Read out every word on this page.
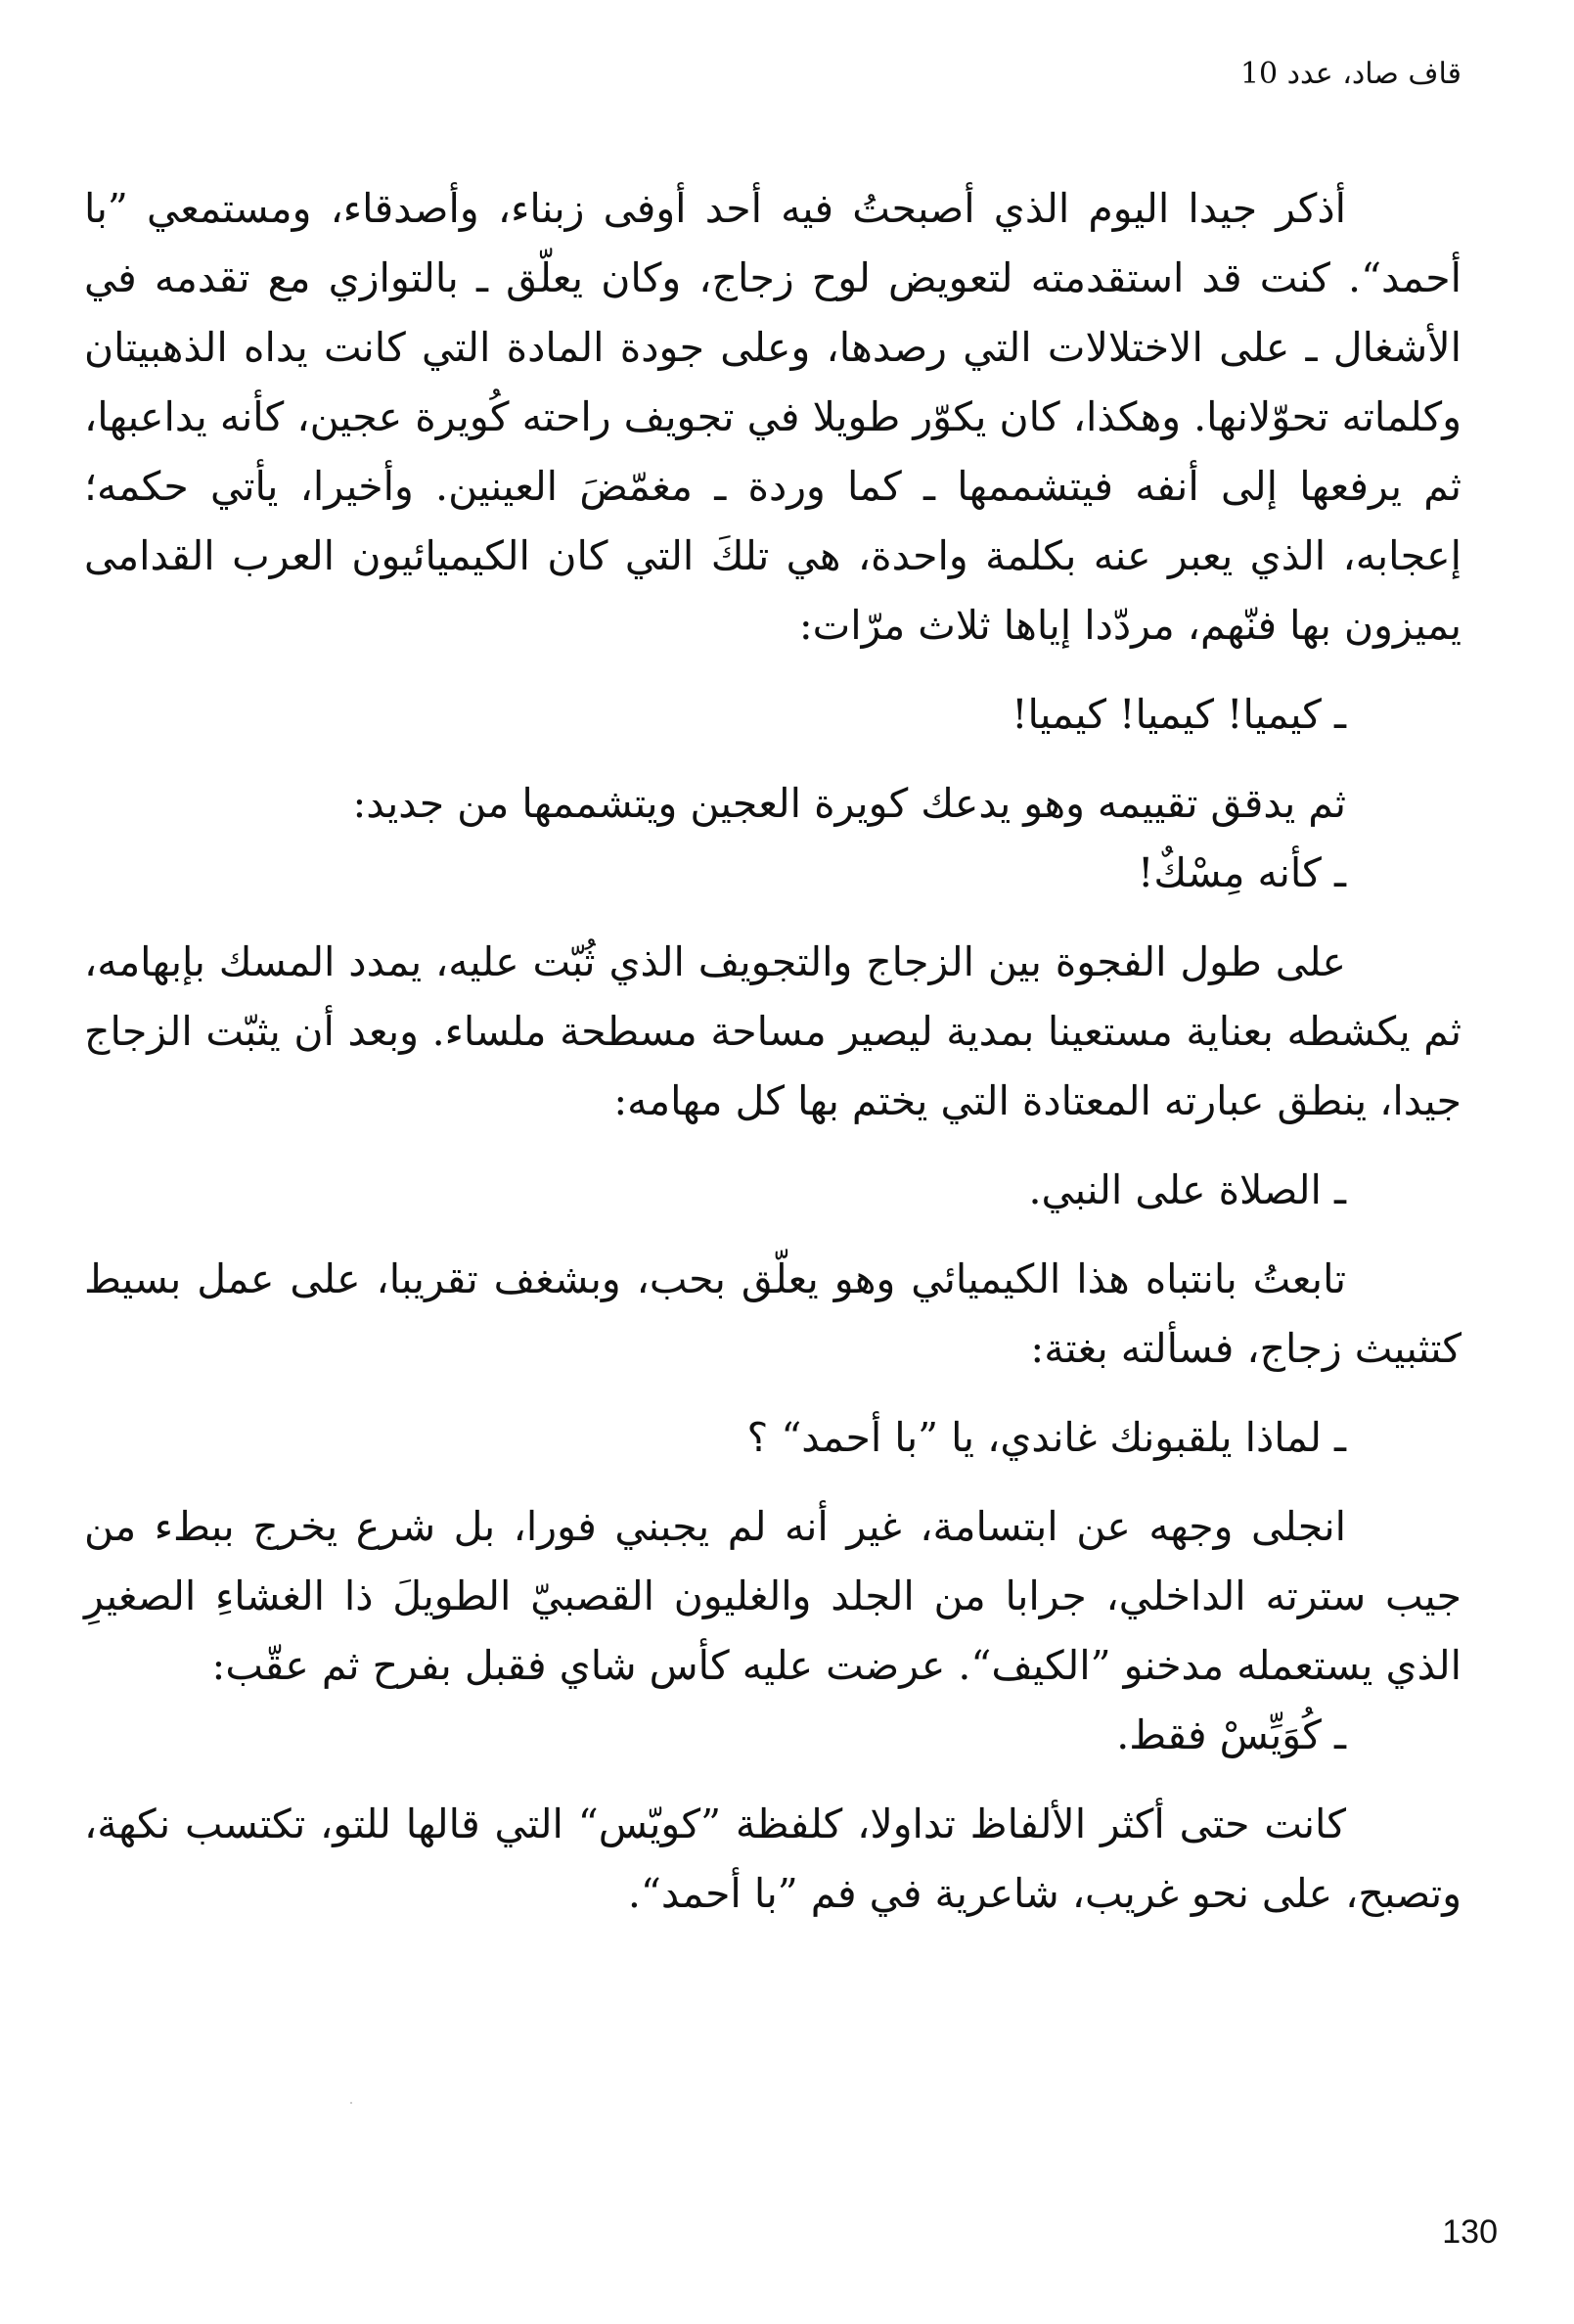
قاف صاد، عدد 10

أذكر جيدا اليوم الذي أصبحتُ فيه أحد أوفى زبناء، وأصدقاء، ومستمعي ”با أحمد“. كنت قد استقدمته لتعويض لوح زجاج، وكان يعلّق ـ بالتوازي مع تقدمه في الأشغال ـ على الاختلالات التي رصدها، وعلى جودة المادة التي كانت يداه الذهبيتان وكلماته تحوّلانها. وهكذا، كان يكوّر طويلا في تجويف راحته كُويرة عجين، كأنه يداعبها، ثم يرفعها إلى أنفه فيتشممها ـ كما وردة ـ مغمّضَ العينين. وأخيرا، يأتي حكمه؛ إعجابه، الذي يعبر عنه بكلمة واحدة، هي تلكَ التي كان الكيميائيون العرب القدامى يميزون بها فنّهم، مردّدا إياها ثلاث مرّات:

ـ كيميا! كيميا! كيميا!

ثم يدقق تقييمه وهو يدعك كويرة العجين ويتشممها من جديد:

ـ كأنه مِسْكٌ!

على طول الفجوة بين الزجاج والتجويف الذي ثُبّت عليه، يمدد المسك بإبهامه، ثم يكشطه بعناية مستعينا بمدية ليصير مساحة مسطحة ملساء. وبعد أن يثبّت الزجاج جيدا، ينطق عبارته المعتادة التي يختم بها كل مهامه:

ـ الصلاة على النبي.

تابعتُ بانتباه هذا الكيميائي وهو يعلّق بحب، وبشغف تقريبا، على عمل بسيط كتثبيث زجاج، فسألته بغتة:

ـ لماذا يلقبونك غاندي، يا ”با أحمد“ ؟

انجلى وجهه عن ابتسامة، غير أنه لم يجبني فورا، بل شرع يخرج ببطء من جيب سترته الداخلي، جرابا من الجلد والغليون القصبيّ الطويلَ ذا الغشاءِ الصغيرِ الذي يستعمله مدخنو ”الكيف“. عرضت عليه كأس شاي فقبل بفرح ثم عقّب:

ـ كُوَيِّسْ فقط.

كانت حتى أكثر الألفاظ تداولا، كلفظة ”كويّس“ التي قالها للتو، تكتسب نكهة، وتصبح، على نحو غريب، شاعرية في فم ”با أحمد“.

130
